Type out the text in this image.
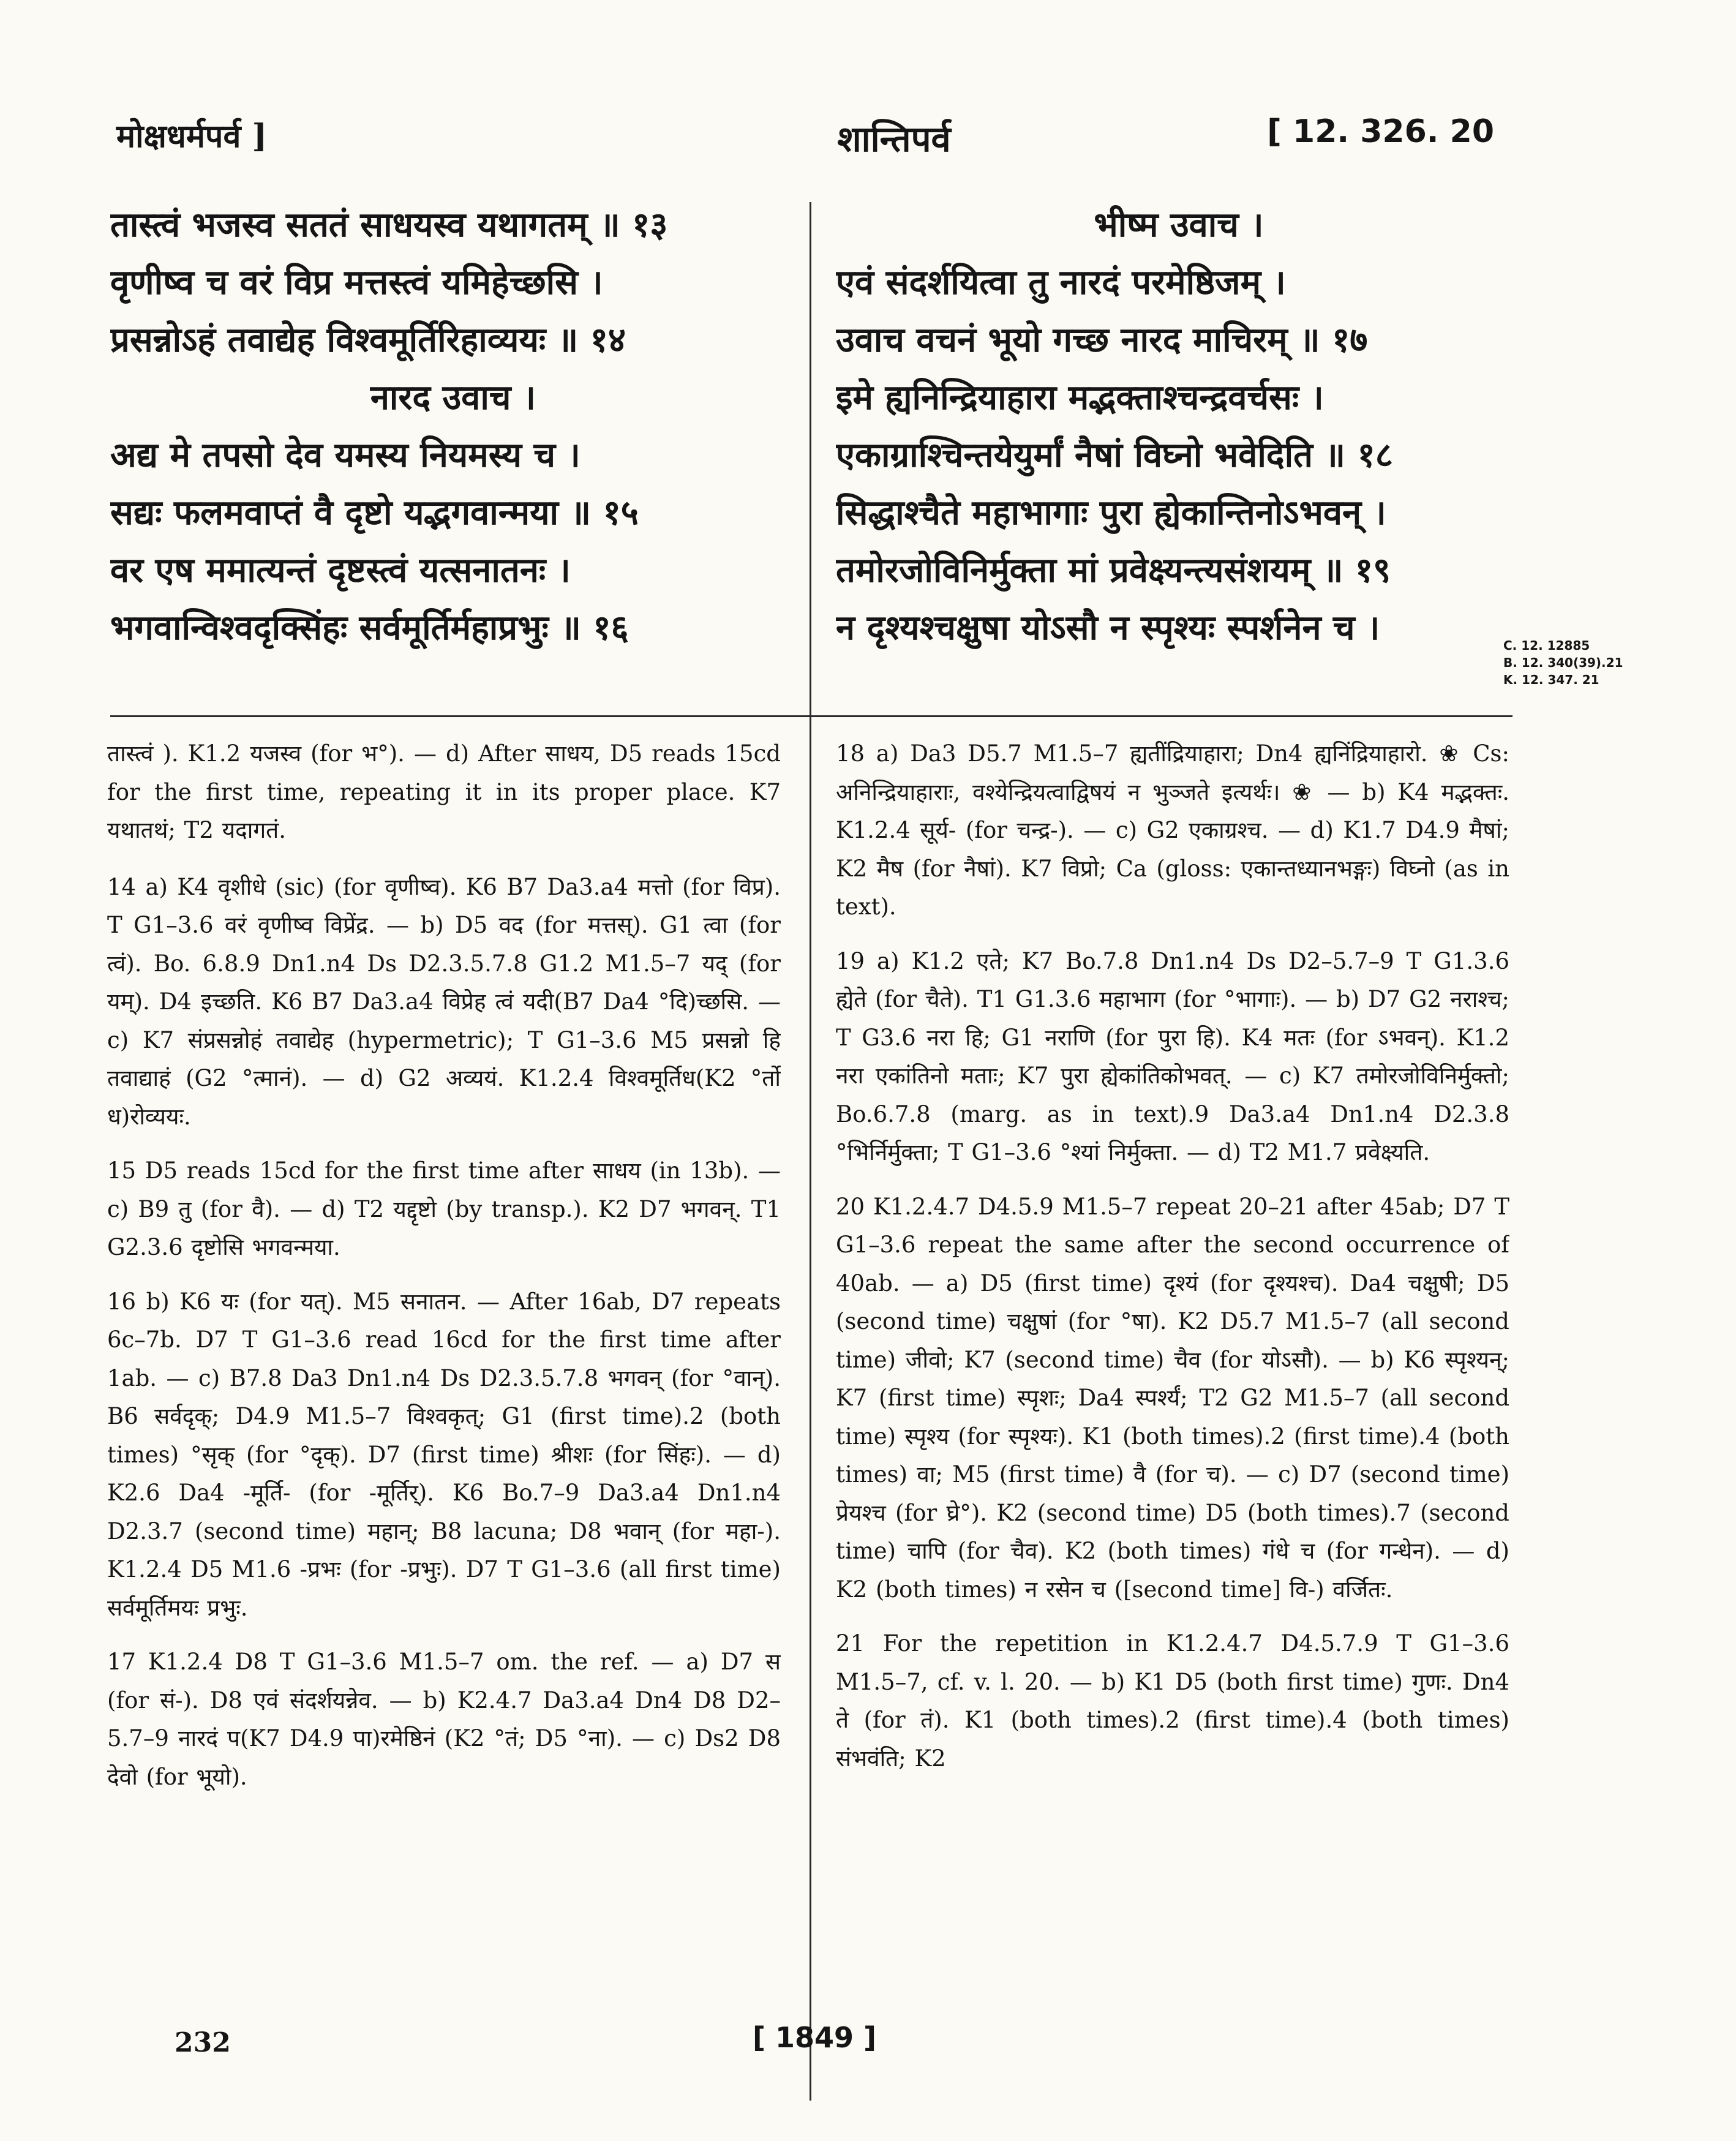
मोक्षधर्मपर्व ]	शान्तिपर्व	[ 12. 326. 20
तास्त्वं भजस्व सततं साधयस्व यथागतम् ॥ १३
वृणीष्व च वरं विप्र मत्तस्त्वं यमिहेच्छसि ।
प्रसन्नोऽहं तवाद्येह विश्वमूर्तिरिहाव्ययः ॥ १४
नारद उवाच ।
अद्य मे तपसो देव यमस्य नियमस्य च ।
सद्यः फलमवाप्तं वै दृष्टो यद्भगवान्मया ॥ १५
वर एष ममात्यन्तं दृष्टस्त्वं यत्सनातनः ।
भगवान्विश्वदृक्सिंहः सर्वमूर्तिर्महाप्रभुः ॥ १६
भीष्म उवाच ।
एवं संदर्शयित्वा तु नारदं परमेष्ठिजम् ।
उवाच वचनं भूयो गच्छ नारद माचिरम् ॥ १७
इमे ह्यनिन्द्रियाहारा मद्भक्ताश्चन्द्रवर्चसः ।
एकाग्राश्चिन्तयेयुर्मां नैषां विघ्नो भवेदिति ॥ १८
सिद्धाश्चैते महाभागाः पुरा ह्येकान्तिनोऽभवन् ।
तमोरजोविनिर्मुक्ता मां प्रवेक्ष्यन्त्यसंशयम् ॥ १९
न दृश्यश्चक्षुषा योऽसौ न स्पृश्यः स्पर्शनेन च ।	C. 12. 12885
B. 12. 340(39).21
K. 12. 347. 21

तास्त्वं ). K1.2 यजस्व (for भ°). — d) After साधय, D5 reads 15cd for the first time, repeating it in its proper place. K7 यथातथं; T2 यदागतं.

14 a) K4 वृशीधे (sic) (for वृणीष्व). K6 B7 Da3.a4 मत्तो (for विप्र). T G1–3.6 वरं वृणीष्व विप्रेंद्र. — b) D5 वद (for मत्तस्). G1 त्वा (for त्वं). Bo. 6.8.9 Dn1.n4 Ds D2.3.5.7.8 G1.2 M1.5–7 यद् (for यम्). D4 इच्छति. K6 B7 Da3.a4 विप्रेह त्वं यदी(B7 Da4 °दि)च्छसि. — c) K7 संप्रसन्नोहं तवाद्येह (hypermetric); T G1–3.6 M5 प्रसन्नो हि तवाद्याहं (G2 °त्मानं). — d) G2 अव्ययं. K1.2.4 विश्वमूर्तिध(K2 °र्तो ध)रोव्ययः.

15 D5 reads 15cd for the first time after साधय (in 13b). — c) B9 तु (for वै). — d) T2 यद्दृष्टो (by transp.). K2 D7 भगवन्. T1 G2.3.6 दृष्टोसि भगवन्मया.

16 b) K6 यः (for यत्). M5 सनातन. — After 16ab, D7 repeats 6c–7b. D7 T G1–3.6 read 16cd for the first time after 1ab. — c) B7.8 Da3 Dn1.n4 Ds D2.3.5.7.8 भगवन् (for °वान्). B6 सर्वदृक्; D4.9 M1.5–7 विश्वकृत्; G1 (first time).2 (both times) °सृक् (for °दृक्). D7 (first time) श्रीशः (for सिंहः). — d) K2.6 Da4 -मूर्ति- (for -मूर्तिर्). K6 Bo.7–9 Da3.a4 Dn1.n4 D2.3.7 (second time) महान्; B8 lacuna; D8 भवान् (for महा-). K1.2.4 D5 M1.6 -प्रभः (for -प्रभुः). D7 T G1–3.6 (all first time) सर्वमूर्तिमयः प्रभुः.

17 K1.2.4 D8 T G1–3.6 M1.5–7 om. the ref. — a) D7 स (for सं-). D8 एवं संदर्शयन्नेव. — b) K2.4.7 Da3.a4 Dn4 D8 D2–5.7–9 नारदं प(K7 D4.9 पा)रमेष्ठिनं (K2 °तं; D5 °ना). — c) Ds2 D8 देवो (for भूयो).

18 a) Da3 D5.7 M1.5–7 ह्यतींद्रियाहारा; Dn4 ह्यनिंद्रियाहारो. ❀ Cs: अनिन्द्रियाहाराः, वश्येन्द्रियत्वाद्विषयं न भुञ्जते इत्यर्थः। ❀ — b) K4 मद्भक्तः. K1.2.4 सूर्य- (for चन्द्र-). — c) G2 एकाग्रश्च. — d) K1.7 D4.9 मैषां; K2 मैष (for नैषां). K7 विप्रो; Ca (gloss: एकान्तध्यानभङ्गः) विघ्नो (as in text).

19 a) K1.2 एते; K7 Bo.7.8 Dn1.n4 Ds D2–5.7–9 T G1.3.6 ह्येते (for चैते). T1 G1.3.6 महाभाग (for °भागाः). — b) D7 G2 नराश्च; T G3.6 नरा हि; G1 नराणि (for पुरा हि). K4 मतः (for ऽभवन्). K1.2 नरा एकांतिनो मताः; K7 पुरा ह्येकांतिकोभवत्. — c) K7 तमोरजोविनिर्मुक्तो; Bo.6.7.8 (marg. as in text).9 Da3.a4 Dn1.n4 D2.3.8 °भिर्निर्मुक्ता; T G1–3.6 °श्यां निर्मुक्ता. — d) T2 M1.7 प्रवेक्ष्यति.

20 K1.2.4.7 D4.5.9 M1.5–7 repeat 20–21 after 45ab; D7 T G1–3.6 repeat the same after the second occurrence of 40ab. — a) D5 (first time) दृश्यं (for दृश्यश्च). Da4 चक्षुषी; D5 (second time) चक्षुषां (for °षा). K2 D5.7 M1.5–7 (all second time) जीवो; K7 (second time) चैव (for योऽसौ). — b) K6 स्पृश्यन्; K7 (first time) स्पृशः; Da4 स्पर्श्यं; T2 G2 M1.5–7 (all second time) स्पृश्य (for स्पृश्यः). K1 (both times).2 (first time).4 (both times) वा; M5 (first time) वै (for च). — c) D7 (second time) प्रेयश्च (for घ्रे°). K2 (second time) D5 (both times).7 (second time) चापि (for चैव). K2 (both times) गंधे च (for गन्धेन). — d) K2 (both times) न रसेन च ([second time] वि-) वर्जितः.

21 For the repetition in K1.2.4.7 D4.5.7.9 T G1–3.6 M1.5–7, cf. v. l. 20. — b) K1 D5 (both first time) गुणः. Dn4 ते (for तं). K1 (both times).2 (first time).4 (both times) संभवंति; K2

232	[ 1849 ]
